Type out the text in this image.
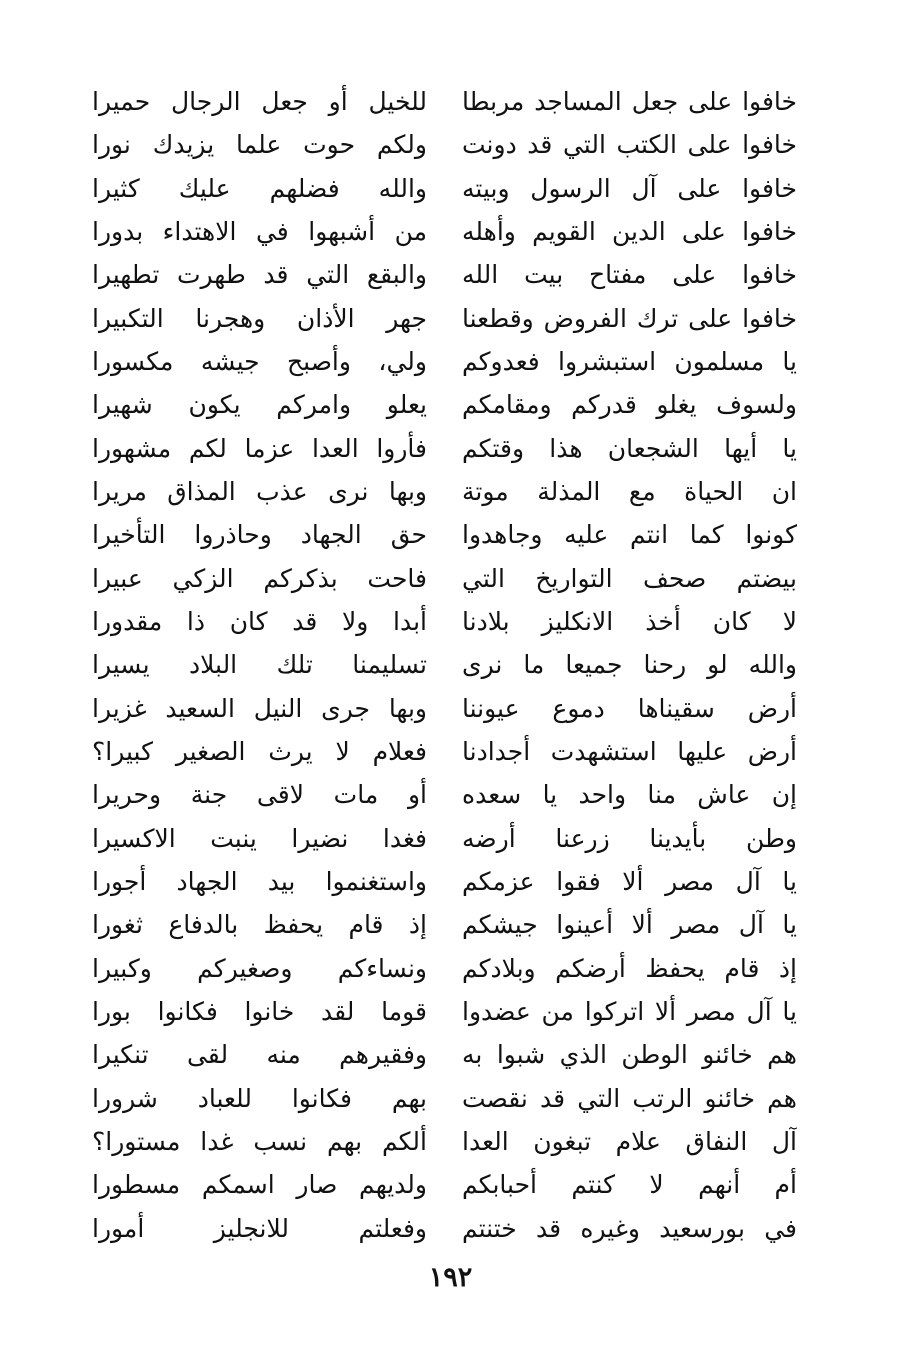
خافوا على جعل المساجد مربطا
خافوا على الكتب التي قد دونت
خافوا على آل الرسول وبيته
خافوا على الدين القويم وأهله
خافوا على مفتاح بيت الله
خافوا على ترك الفروض وقطعنا
يا مسلمون استبشروا فعدوكم
ولسوف يغلو قدركم ومقامكم
يا أيها الشجعان هذا وقتكم
ان الحياة مع المذلة موتة
كونوا كما انتم عليه وجاهدوا
بيضتم صحف التواريخ التي
لا كان أخذ الانكليز بلادنا
والله لو رحنا جميعا ما نرى
أرض سقيناها دموع عيوننا
أرض عليها استشهدت أجدادنا
إن عاش منا واحد يا سعده
وطن بأيدينا زرعنا أرضه
يا آل مصر ألا فقوا عزمكم
يا آل مصر ألا أعينوا جيشكم
إذ قام يحفظ أرضكم وبلادكم
يا آل مصر ألا اتركوا من عضدوا
هم خائنو الوطن الذي شبوا به
هم خائنو الرتب التي قد نقصت
آل النفاق علام تبغون العدا
أم أنهم لا كنتم أحبابكم
في بورسعيد وغيره قد ختنتم
للخيل أو جعل الرجال حميرا
ولكم حوت علما يزيدك نورا
والله فضلهم عليك كثيرا
من أشبهوا في الاهتداء بدورا
والبقع التي قد طهرت تطهيرا
جهر الأذان وهجرنا التكبيرا
ولي، وأصبح جيشه مكسورا
يعلو وامركم يكون شهيرا
فأروا العدا عزما لكم مشهورا
وبها نرى عذب المذاق مريرا
حق الجهاد وحاذروا التأخيرا
فاحت بذكركم الزكي عبيرا
أبدا ولا قد كان ذا مقدورا
تسليمنا تلك البلاد يسيرا
وبها جرى النيل السعيد غزيرا
فعلام لا يرث الصغير كبيرا؟
أو مات لاقى جنة وحريرا
فغدا نضيرا ينبت الاكسيرا
واستغنموا بيد الجهاد أجورا
إذ قام يحفظ بالدفاع ثغورا
ونساءكم وصغيركم وكبيرا
قوما لقد خانوا فكانوا بورا
وفقيرهم منه لقى تنكيرا
بهم فكانوا للعباد شرورا
ألكم بهم نسب غدا مستورا؟
ولديهم صار اسمكم مسطورا
وفعلتم للانجليز أمورا
١٩٢
